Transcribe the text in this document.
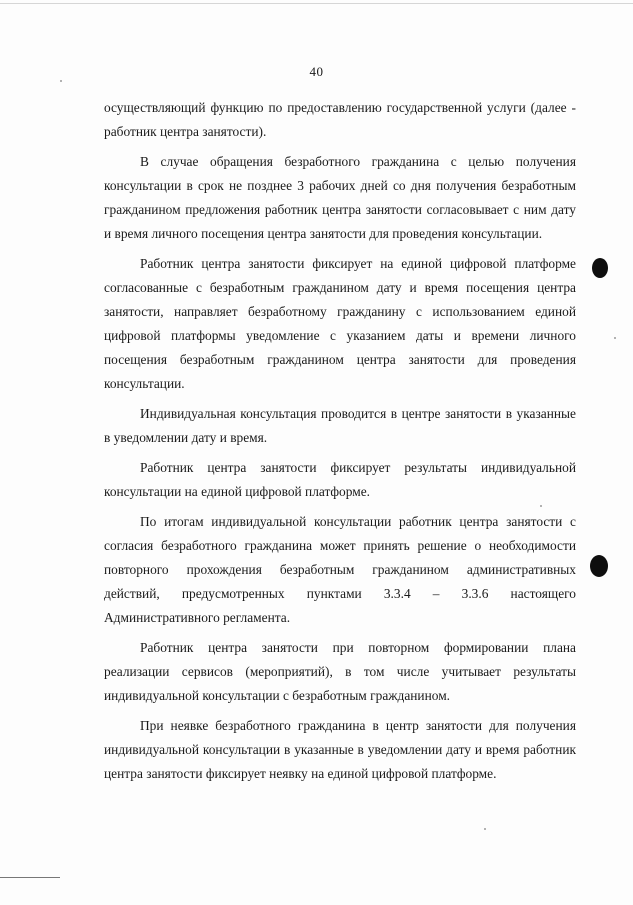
40

осуществляющий функцию по предоставлению государственной услуги (далее - работник центра занятости).

В случае обращения безработного гражданина с целью получения консультации в срок не позднее 3 рабочих дней со дня получения безработным гражданином предложения работник центра занятости согласовывает с ним дату и время личного посещения центра занятости для проведения консультации.

Работник центра занятости фиксирует на единой цифровой платформе согласованные с безработным гражданином дату и время посещения центра занятости, направляет безработному гражданину с использованием единой цифровой платформы уведомление с указанием даты и времени личного посещения безработным гражданином центра занятости для проведения консультации.

Индивидуальная консультация проводится в центре занятости в указанные в уведомлении дату и время.

Работник центра занятости фиксирует результаты индивидуальной консультации на единой цифровой платформе.

По итогам индивидуальной консультации работник центра занятости с согласия безработного гражданина может принять решение о необходимости повторного прохождения безработным гражданином административных действий, предусмотренных пунктами 3.3.4 – 3.3.6 настоящего Административного регламента.

Работник центра занятости при повторном формировании плана реализации сервисов (мероприятий), в том числе учитывает результаты индивидуальной консультации с безработным гражданином.

При неявке безработного гражданина в центр занятости для получения индивидуальной консультации в указанные в уведомлении дату и время работник центра занятости фиксирует неявку на единой цифровой платформе.
